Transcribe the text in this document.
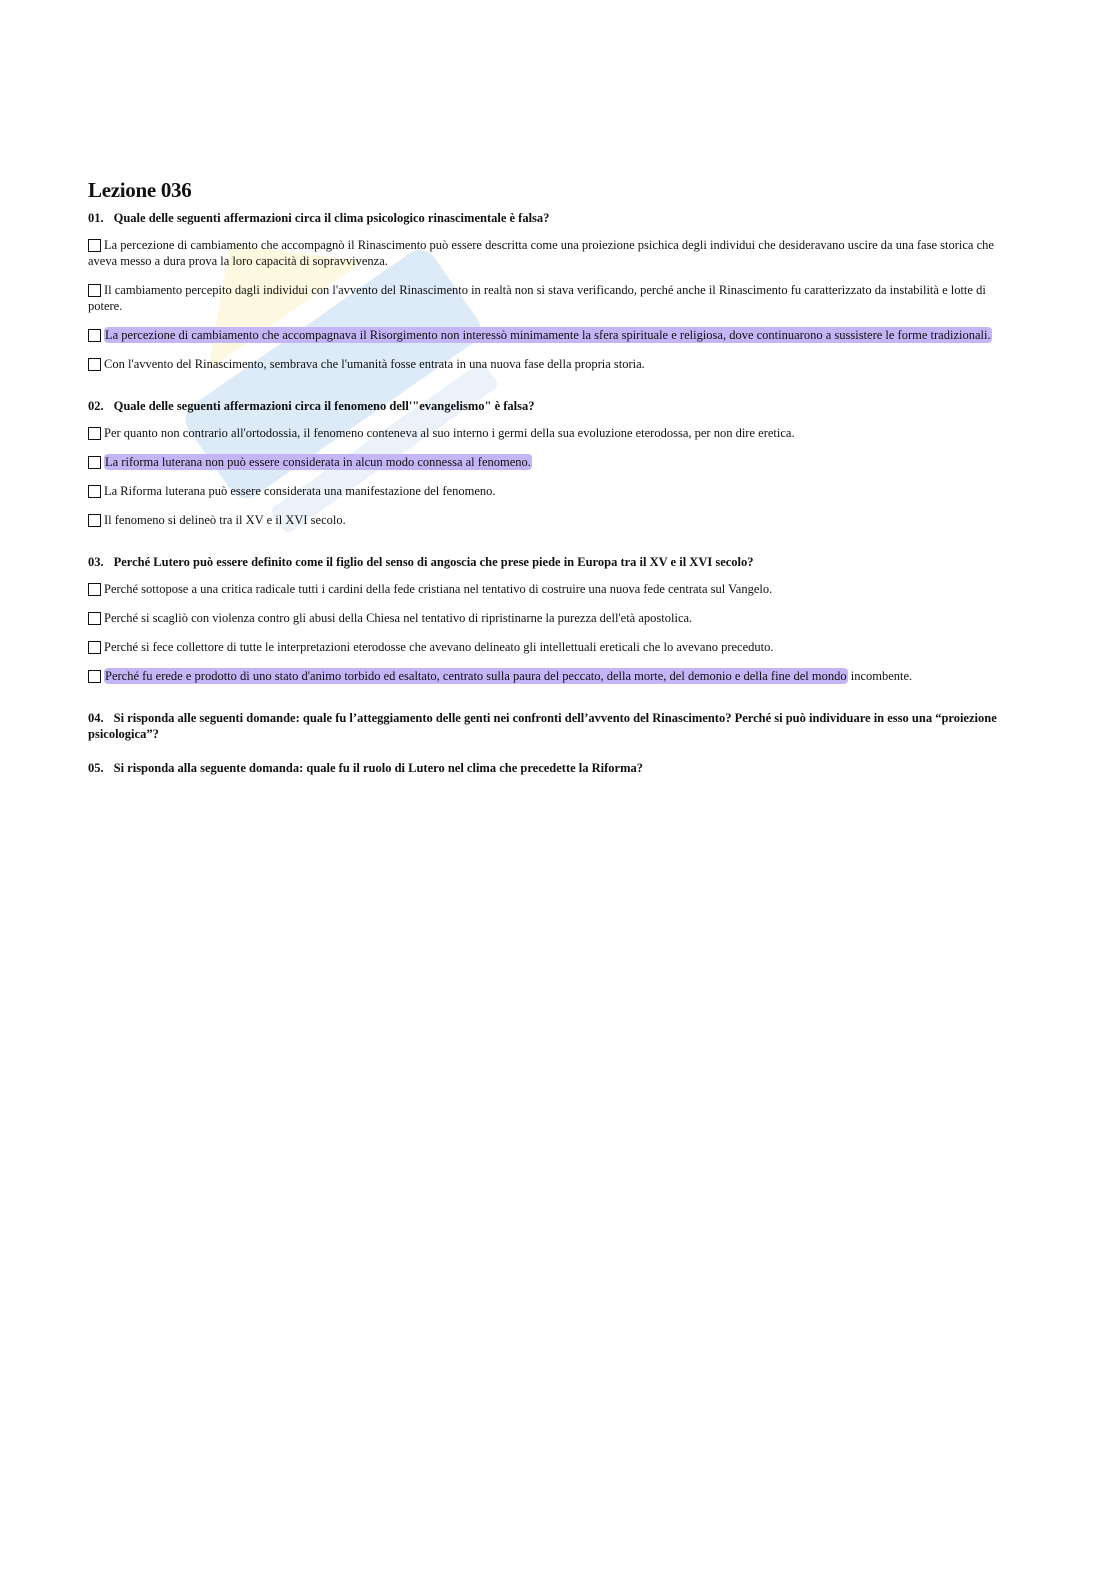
Lezione 036
01. Quale delle seguenti affermazioni circa il clima psicologico rinascimentale è falsa?
La percezione di cambiamento che accompagnò il Rinascimento può essere descritta come una proiezione psichica degli individui che desideravano uscire da una fase storica che aveva messo a dura prova la loro capacità di sopravvivenza.
Il cambiamento percepito dagli individui con l'avvento del Rinascimento in realtà non si stava verificando, perché anche il Rinascimento fu caratterizzato da instabilità e lotte di potere.
La percezione di cambiamento che accompagnava il Risorgimento non interessò minimamente la sfera spirituale e religiosa, dove continuarono a sussistere le forme tradizionali.
Con l'avvento del Rinascimento, sembrava che l'umanità fosse entrata in una nuova fase della propria storia.
02. Quale delle seguenti affermazioni circa il fenomeno dell'"evangelismo" è falsa?
Per quanto non contrario all'ortodossia, il fenomeno conteneva al suo interno i germi della sua evoluzione eterodossa, per non dire eretica.
La riforma luterana non può essere considerata in alcun modo connessa al fenomeno.
La Riforma luterana può essere considerata una manifestazione del fenomeno.
Il fenomeno si delineò tra il XV e il XVI secolo.
03. Perché Lutero può essere definito come il figlio del senso di angoscia che prese piede in Europa tra il XV e il XVI secolo?
Perché sottopose a una critica radicale tutti i cardini della fede cristiana nel tentativo di costruire una nuova fede centrata sul Vangelo.
Perché si scagliò con violenza contro gli abusi della Chiesa nel tentativo di ripristinarne la purezza dell'età apostolica.
Perché si fece collettore di tutte le interpretazioni eterodosse che avevano delineato gli intellettuali ereticali che lo avevano preceduto.
Perché fu erede e prodotto di uno stato d'animo torbido ed esaltato, centrato sulla paura del peccato, della morte, del demonio e della fine del mondo incombente.
04. Si risponda alle seguenti domande: quale fu l’atteggiamento delle genti nei confronti dell’avvento del Rinascimento? Perché si può individuare in esso una “proiezione psicologica”?
05. Si risponda alla seguente domanda: quale fu il ruolo di Lutero nel clima che precedette la Riforma?
